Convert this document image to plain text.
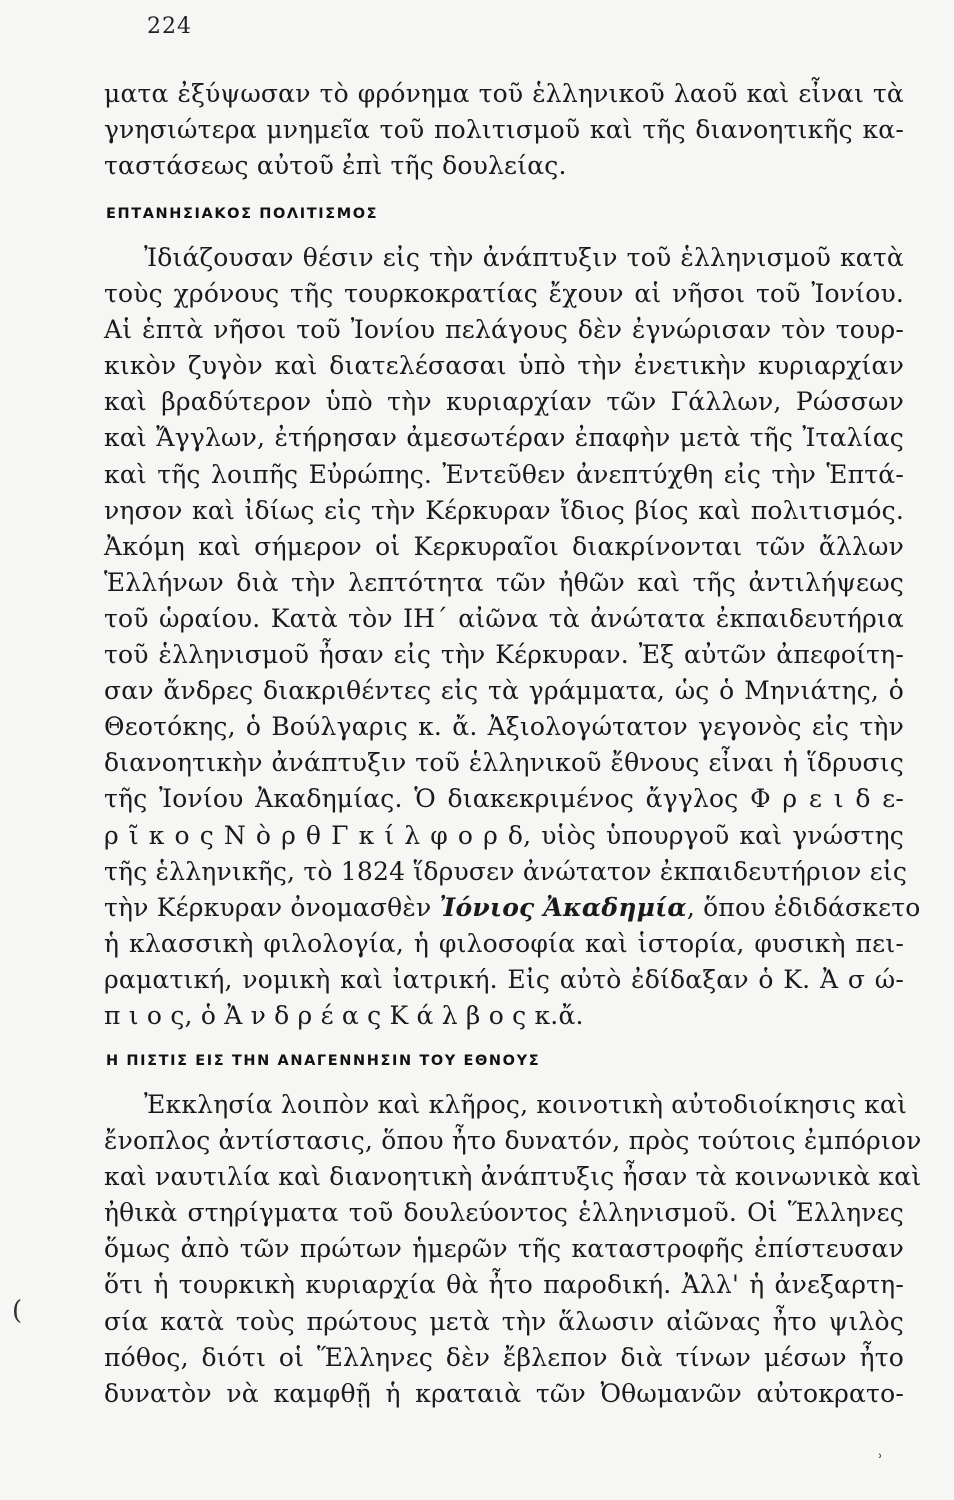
224
ματα ἐξύψωσαν τὸ φρόνημα τοῦ ἑλληνικοῦ λαοῦ καὶ εἶναι τὰ
γνησιώτερα μνημεῖα τοῦ πολιτισμοῦ καὶ τῆς διανοητικῆς κα-
ταστάσεως αὐτοῦ ἐπὶ τῆς δουλείας.
ΕΠΤΑΝΗΣΙΑΚΟΣ ΠΟΛΙΤΙΣΜΟΣ
Ἰδιάζουσαν θέσιν εἰς τὴν ἀνάπτυξιν τοῦ ἑλληνισμοῦ κατὰ
τοὺς χρόνους τῆς τουρκοκρατίας ἔχουν αἱ νῆσοι τοῦ Ἰονίου.
Αἱ ἑπτὰ νῆσοι τοῦ Ἰονίου πελάγους δὲν ἐγνώρισαν τὸν τουρ-
κικὸν ζυγὸν καὶ διατελέσασαι ὑπὸ τὴν ἐνετικὴν κυριαρχίαν
καὶ βραδύτερον ὑπὸ τὴν κυριαρχίαν τῶν Γάλλων, Ρώσσων
καὶ Ἄγγλων, ἐτήρησαν ἀμεσωτέραν ἐπαφὴν μετὰ τῆς Ἰταλίας
καὶ τῆς λοιπῆς Εὐρώπης. Ἐντεῦθεν ἀνεπτύχθη εἰς τὴν Ἑπτά-
νησον καὶ ἰδίως εἰς τὴν Κέρκυραν ἴδιος βίος καὶ πολιτισμός.
Ἀκόμη καὶ σήμερον οἱ Κερκυραῖοι διακρίνονται τῶν ἄλλων
Ἑλλήνων διὰ τὴν λεπτότητα τῶν ἠθῶν καὶ τῆς ἀντιλήψεως
τοῦ ὡραίου. Κατὰ τὸν ΙΗ΄ αἰῶνα τὰ ἀνώτατα ἐκπαιδευτήρια
τοῦ ἑλληνισμοῦ ἦσαν εἰς τὴν Κέρκυραν. Ἐξ αὐτῶν ἀπεφοίτη-
σαν ἄνδρες διακριθέντες εἰς τὰ γράμματα, ὡς ὁ Μηνιάτης, ὁ
Θεοτόκης, ὁ Βούλγαρις κ. ἄ. Ἀξιολογώτατον γεγονὸς εἰς τὴν
διανοητικὴν ἀνάπτυξιν τοῦ ἑλληνικοῦ ἔθνους εἶναι ἡ ἵδρυσις
τῆς Ἰονίου Ἀκαδημίας. Ὁ διακεκριμένος ἄγγλος Φ ρ ε ι δ ε-
ρ ῖ κ ο ς Ν ὸ ρ θ Γ κ ί λ φ ο ρ δ, υἱὸς ὑπουργοῦ καὶ γνώστης
τῆς ἑλληνικῆς, τὸ 1824 ἵδρυσεν ἀνώτατον ἐκπαιδευτήριον εἰς
τὴν Κέρκυραν ὀνομασθὲν Ἰόνιος Ἀκαδημία, ὅπου ἐδιδάσκετο
ἡ κλασσικὴ φιλολογία, ἡ φιλοσοφία καὶ ἱστορία, φυσικὴ πει-
ραματική, νομικὴ καὶ ἰατρική. Εἰς αὐτὸ ἐδίδαξαν ὁ Κ. Ἀ σ ώ-
π ι ο ς, ὁ Ἀ ν δ ρ έ α ς Κ ά λ β ο ς κ.ἄ.
Η ΠΙΣΤΙΣ ΕΙΣ ΤΗΝ ΑΝΑΓΕΝΝΗΣΙΝ ΤΟΥ ΕΘΝΟΥΣ
Ἐκκλησία λοιπὸν καὶ κλῆρος, κοινοτικὴ αὐτοδιοίκησις καὶ
ἔνοπλος ἀντίστασις, ὅπου ἦτο δυνατόν, πρὸς τούτοις ἐμπόριον
καὶ ναυτιλία καὶ διανοητικὴ ἀνάπτυξις ἦσαν τὰ κοινωνικὰ καὶ
ἠθικὰ στηρίγματα τοῦ δουλεύοντος ἑλληνισμοῦ. Οἱ Ἕλληνες
ὅμως ἀπὸ τῶν πρώτων ἡμερῶν τῆς καταστροφῆς ἐπίστευσαν
ὅτι ἡ τουρκικὴ κυριαρχία θὰ ἦτο παροδική. Ἀλλ' ἡ ἀνεξαρτη-
σία κατὰ τοὺς πρώτους μετὰ τὴν ἅλωσιν αἰῶνας ἦτο ψιλὸς
πόθος, διότι οἱ Ἕλληνες δὲν ἔβλεπον διὰ τίνων μέσων ἦτο
δυνατὸν νὰ καμφθῇ ἡ κραταιὰ τῶν Ὀθωμανῶν αὐτοκρατο-
(
˒
